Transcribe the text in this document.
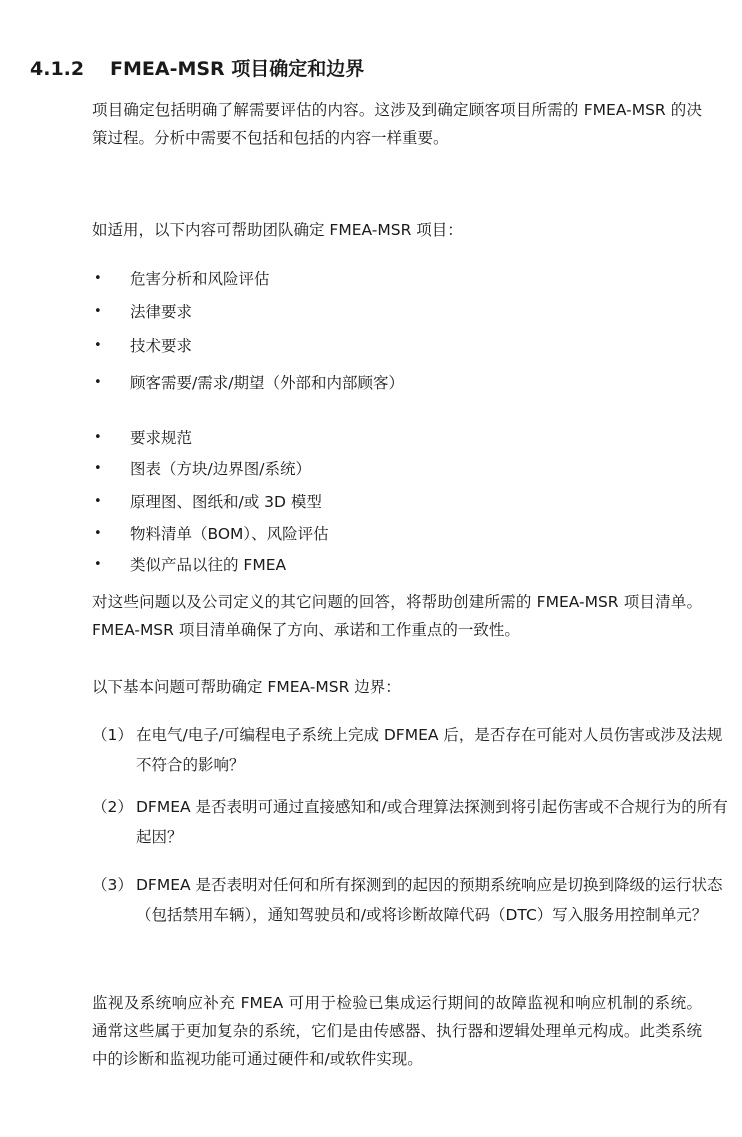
4.1.2 FMEA-MSR 项目确定和边界

项目确定包括明确了解需要评估的内容。这涉及到确定顾客项目所需的 FMEA-MSR 的决策过程。分析中需要不包括和包括的内容一样重要。

如适用，以下内容可帮助团队确定 FMEA-MSR 项目：

• 危害分析和风险评估
• 法律要求
• 技术要求
• 顾客需要/需求/期望（外部和内部顾客）
• 要求规范
• 图表（方块/边界图/系统）
• 原理图、图纸和/或 3D 模型
• 物料清单（BOM）、风险评估
• 类似产品以往的 FMEA

对这些问题以及公司定义的其它问题的回答，将帮助创建所需的 FMEA-MSR 项目清单。FMEA-MSR 项目清单确保了方向、承诺和工作重点的一致性。

以下基本问题可帮助确定 FMEA-MSR 边界：

（1） 在电气/电子/可编程电子系统上完成 DFMEA 后，是否存在可能对人员伤害或涉及法规不符合的影响？

（2） DFMEA 是否表明可通过直接感知和/或合理算法探测到将引起伤害或不合规行为的所有起因？

（3） DFMEA 是否表明对任何和所有探测到的起因的预期系统响应是切换到降级的运行状态（包括禁用车辆），通知驾驶员和/或将诊断故障代码（DTC）写入服务用控制单元？

监视及系统响应补充 FMEA 可用于检验已集成运行期间的故障监视和响应机制的系统。通常这些属于更加复杂的系统，它们是由传感器、执行器和逻辑处理单元构成。此类系统中的诊断和监视功能可通过硬件和/或软件实现。
